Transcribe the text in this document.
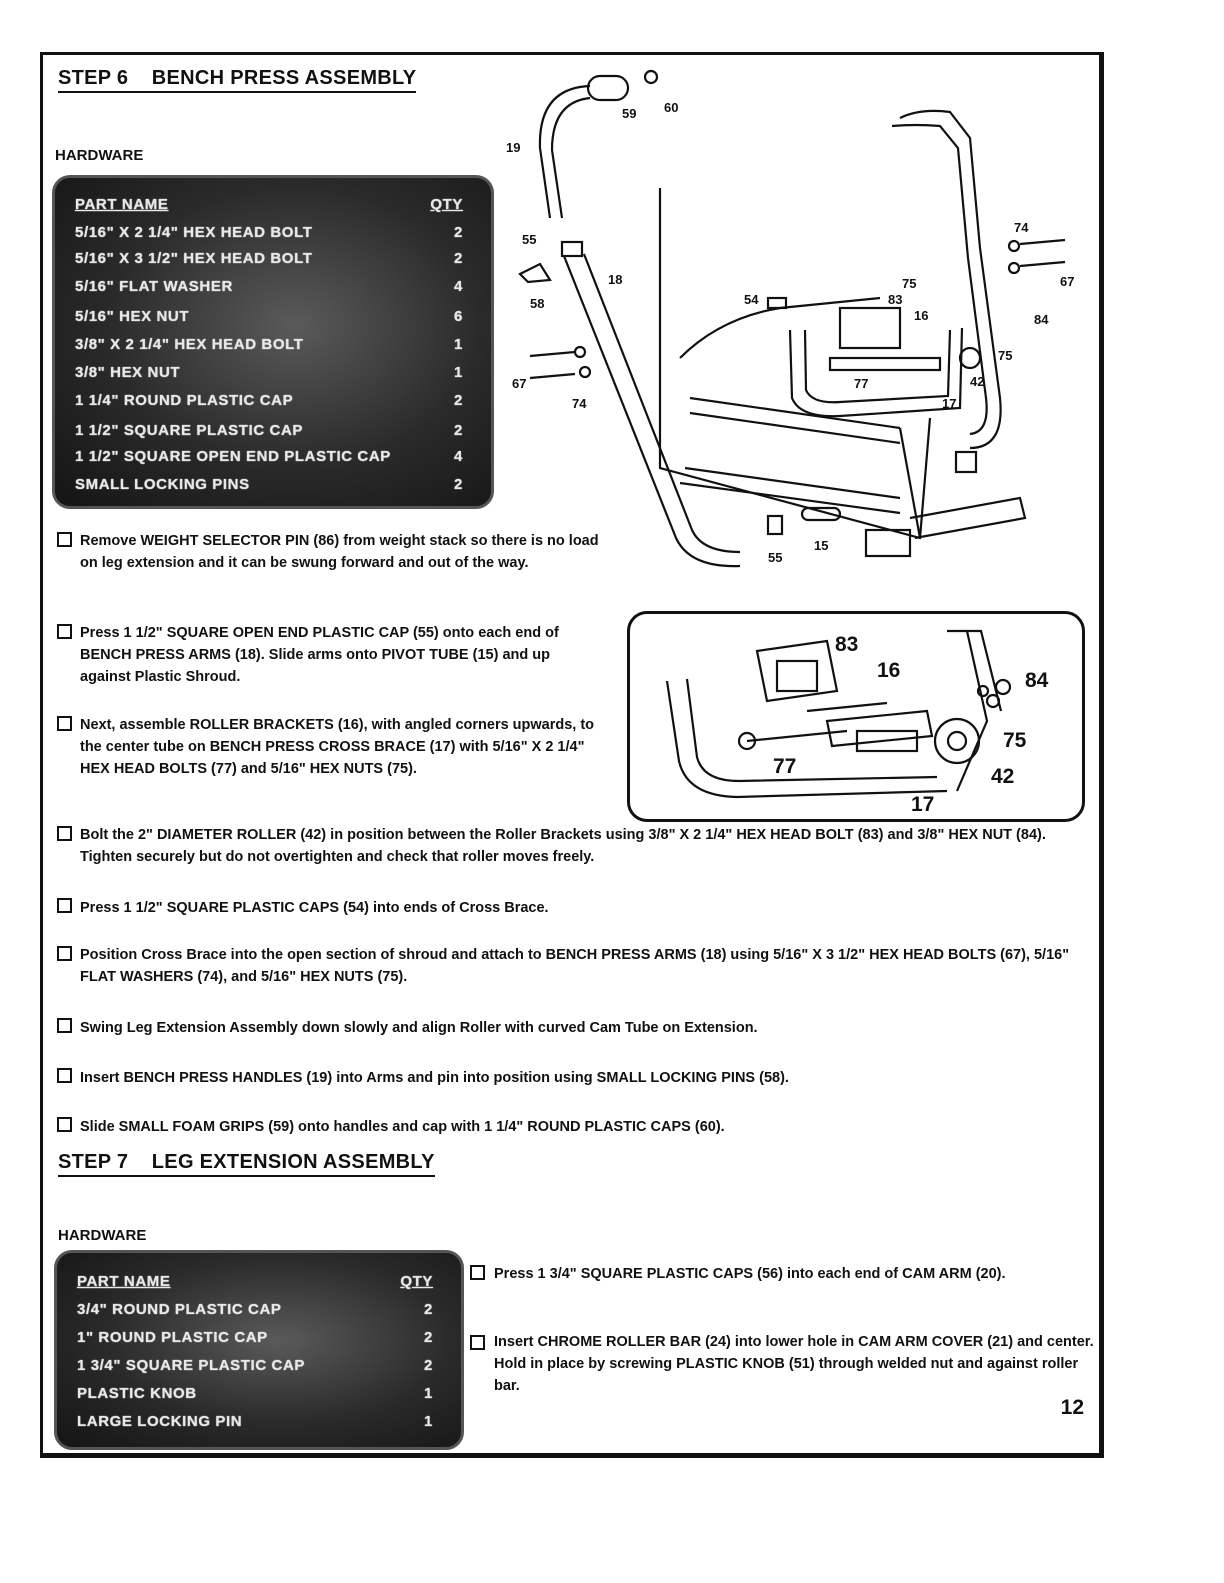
STEP 6    BENCH PRESS ASSEMBLY
HARDWARE
PART NAME	QTY
5/16" X 2 1/4" HEX HEAD BOLT	2
5/16" X 3 1/2" HEX HEAD BOLT	2
5/16" FLAT WASHER	4
5/16" HEX NUT	6
3/8" X 2 1/4" HEX HEAD BOLT	1
3/8" HEX NUT	1
1 1/4" ROUND PLASTIC CAP	2
1 1/2" SQUARE PLASTIC CAP	2
1 1/2" SQUARE OPEN END PLASTIC CAP	4
SMALL LOCKING PINS	2
19
59 60
55
18
58
67
74
54	83
75
16
74
67
84
75
77	42
17
55
15
83
16	84
75
77	42
17
Remove WEIGHT SELECTOR PIN (86) from weight stack so there is no load on leg extension and it can be swung forward and out of the way.
Press 1 1/2" SQUARE OPEN END PLASTIC CAP (55) onto each end of BENCH PRESS ARMS (18). Slide arms onto PIVOT TUBE (15) and up against Plastic Shroud.
Next, assemble ROLLER BRACKETS (16), with angled corners upwards, to the center tube on BENCH PRESS CROSS BRACE (17) with 5/16" X 2 1/4" HEX HEAD BOLTS (77) and 5/16" HEX NUTS (75).
Bolt the 2" DIAMETER ROLLER (42) in position between the Roller Brackets using 3/8" X 2 1/4" HEX HEAD BOLT (83) and 3/8" HEX NUT (84). Tighten securely but do not overtighten and check that roller moves freely.
Press 1 1/2" SQUARE PLASTIC CAPS (54) into ends of Cross Brace.
Position Cross Brace into the open section of shroud and attach to BENCH PRESS ARMS (18) using 5/16" X 3 1/2" HEX HEAD BOLTS (67), 5/16" FLAT WASHERS (74), and 5/16" HEX NUTS (75).
Swing Leg Extension Assembly down slowly and align Roller with curved Cam Tube on Extension.
Insert BENCH PRESS HANDLES (19) into Arms and pin into position using SMALL LOCKING PINS (58).
Slide SMALL FOAM GRIPS (59) onto handles and cap with 1 1/4" ROUND PLASTIC CAPS (60).
STEP 7    LEG EXTENSION ASSEMBLY
HARDWARE
PART NAME	QTY
3/4" ROUND PLASTIC CAP	2
1" ROUND PLASTIC CAP	2
1 3/4" SQUARE PLASTIC CAP	2
PLASTIC KNOB	1
LARGE LOCKING PIN	1
Press 1 3/4" SQUARE PLASTIC CAPS (56) into each end of CAM ARM (20).
Insert CHROME ROLLER BAR (24) into lower hole in CAM ARM COVER (21) and center. Hold in place by screwing PLASTIC KNOB (51) through welded nut and against roller bar.
12
